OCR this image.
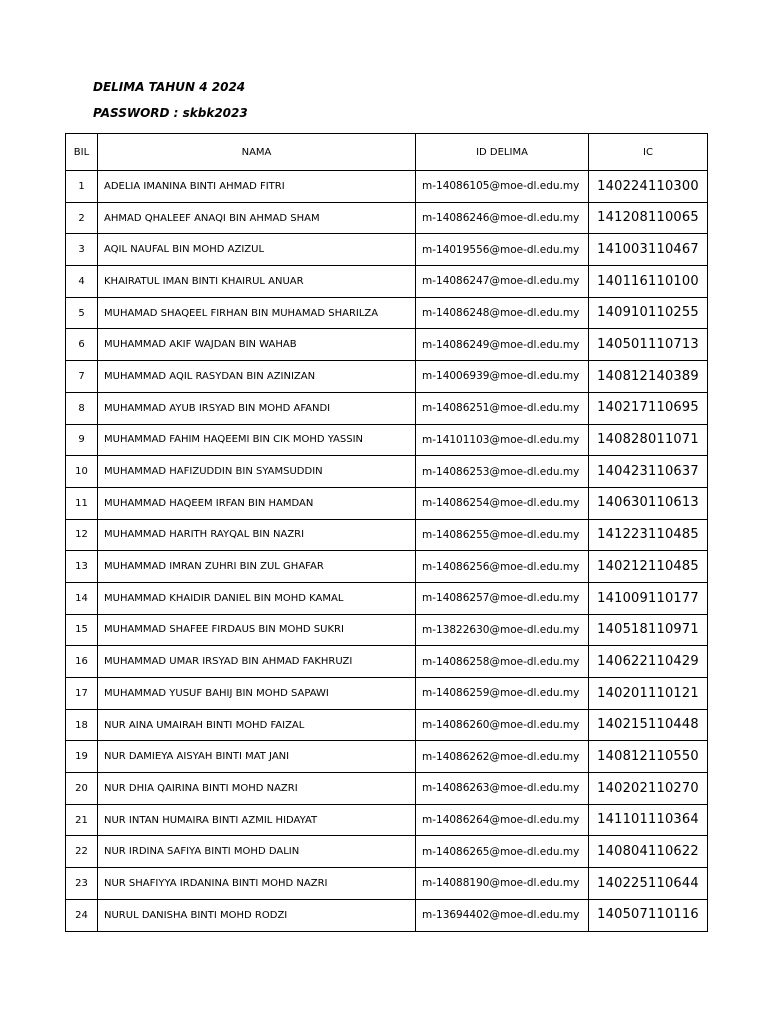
DELIMA TAHUN 4 2024
PASSWORD : skbk2023
BIL	NAMA	ID DELIMA	IC
1	ADELIA IMANINA BINTI AHMAD FITRI	m-14086105@moe-dl.edu.my	140224110300

2	AHMAD QHALEEF ANAQI BIN AHMAD SHAM	m-14086246@moe-dl.edu.my	141208110065

3	AQIL NAUFAL BIN MOHD AZIZUL	m-14019556@moe-dl.edu.my	141003110467

4	KHAIRATUL IMAN BINTI KHAIRUL ANUAR	m-14086247@moe-dl.edu.my	140116110100

5	MUHAMAD SHAQEEL FIRHAN BIN MUHAMAD SHARILZA	m-14086248@moe-dl.edu.my	140910110255

6	MUHAMMAD AKIF WAJDAN BIN WAHAB	m-14086249@moe-dl.edu.my	140501110713

7	MUHAMMAD AQIL RASYDAN BIN AZINIZAN	m-14006939@moe-dl.edu.my	140812140389

8	MUHAMMAD AYUB IRSYAD BIN MOHD AFANDI	m-14086251@moe-dl.edu.my	140217110695

9	MUHAMMAD FAHIM HAQEEMI BIN CIK MOHD YASSIN	m-14101103@moe-dl.edu.my	140828011071

10	MUHAMMAD HAFIZUDDIN BIN SYAMSUDDIN	m-14086253@moe-dl.edu.my	140423110637

11	MUHAMMAD HAQEEM IRFAN BIN HAMDAN	m-14086254@moe-dl.edu.my	140630110613

12	MUHAMMAD HARITH RAYQAL BIN NAZRI	m-14086255@moe-dl.edu.my	141223110485

13	MUHAMMAD IMRAN ZUHRI BIN ZUL GHAFAR	m-14086256@moe-dl.edu.my	140212110485

14	MUHAMMAD KHAIDIR DANIEL BIN MOHD KAMAL	m-14086257@moe-dl.edu.my	141009110177

15	MUHAMMAD SHAFEE FIRDAUS BIN MOHD SUKRI	m-13822630@moe-dl.edu.my	140518110971

16	MUHAMMAD UMAR IRSYAD BIN AHMAD FAKHRUZI	m-14086258@moe-dl.edu.my	140622110429

17	MUHAMMAD YUSUF BAHIJ BIN MOHD SAPAWI	m-14086259@moe-dl.edu.my	140201110121

18	NUR AINA UMAIRAH BINTI MOHD FAIZAL	m-14086260@moe-dl.edu.my	140215110448

19	NUR DAMIEYA AISYAH BINTI MAT JANI	m-14086262@moe-dl.edu.my	140812110550

20	NUR DHIA QAIRINA BINTI MOHD NAZRI	m-14086263@moe-dl.edu.my	140202110270

21	NUR INTAN HUMAIRA BINTI AZMIL HIDAYAT	m-14086264@moe-dl.edu.my	141101110364

22	NUR IRDINA SAFIYA BINTI MOHD DALIN	m-14086265@moe-dl.edu.my	140804110622

23	NUR SHAFIYYA IRDANINA BINTI MOHD NAZRI	m-14088190@moe-dl.edu.my	140225110644

24	NURUL DANISHA BINTI MOHD RODZI	m-13694402@moe-dl.edu.my	140507110116
